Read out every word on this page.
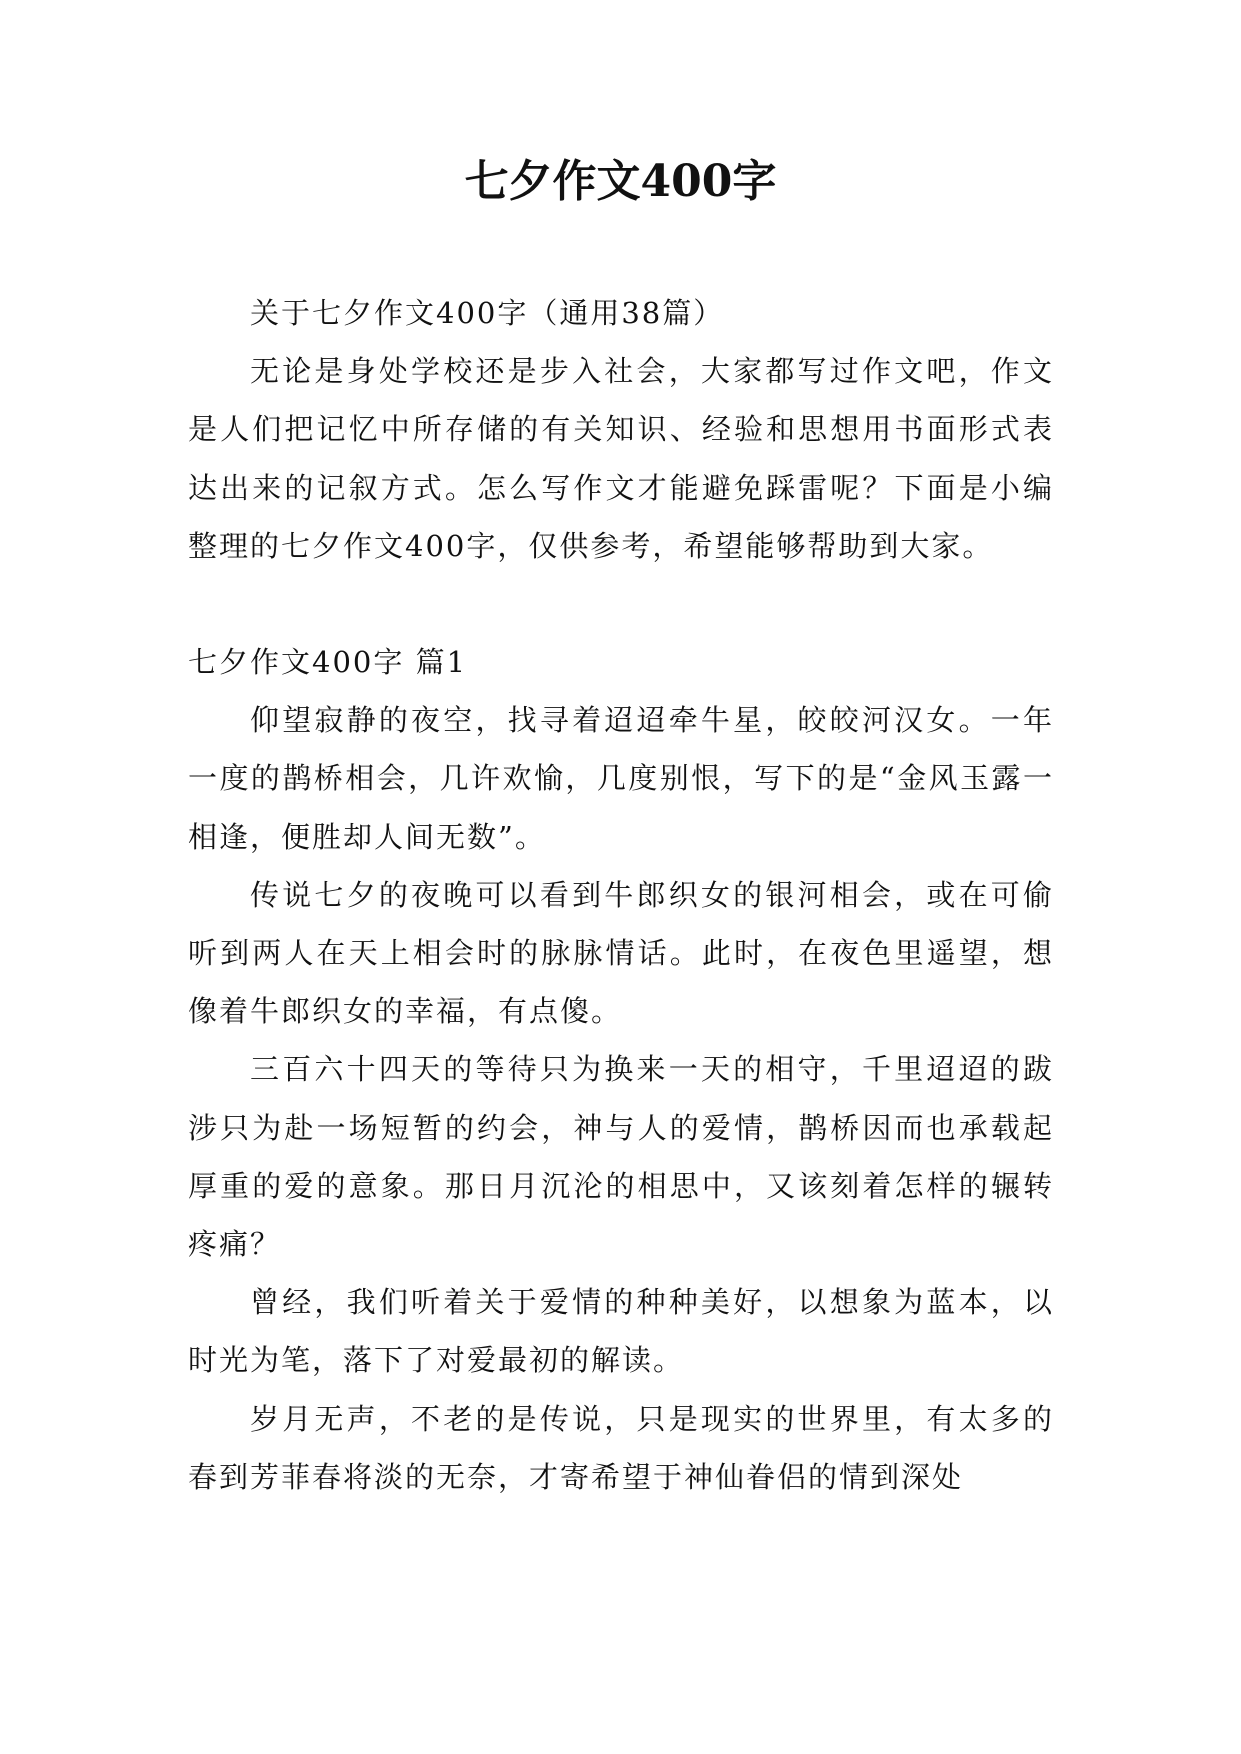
七夕作文400字

关于七夕作文400字（通用38篇）

无论是身处学校还是步入社会，大家都写过作文吧，作文是人们把记忆中所存储的有关知识、经验和思想用书面形式表达出来的记叙方式。怎么写作文才能避免踩雷呢？下面是小编整理的七夕作文400字，仅供参考，希望能够帮助到大家。

七夕作文400字 篇1

仰望寂静的夜空，找寻着迢迢牵牛星，皎皎河汉女。一年一度的鹊桥相会，几许欢愉，几度别恨，写下的是“金风玉露一相逢，便胜却人间无数”。

传说七夕的夜晚可以看到牛郎织女的银河相会，或在可偷听到两人在天上相会时的脉脉情话。此时，在夜色里遥望，想像着牛郎织女的幸福，有点傻。

三百六十四天的等待只为换来一天的相守，千里迢迢的跋涉只为赴一场短暂的约会，神与人的爱情，鹊桥因而也承载起厚重的爱的意象。那日月沉沦的相思中，又该刻着怎样的辗转疼痛？

曾经，我们听着关于爱情的种种美好，以想象为蓝本，以时光为笔，落下了对爱最初的解读。

岁月无声，不老的是传说，只是现实的世界里，有太多的春到芳菲春将淡的无奈，才寄希望于神仙眷侣的情到深处
